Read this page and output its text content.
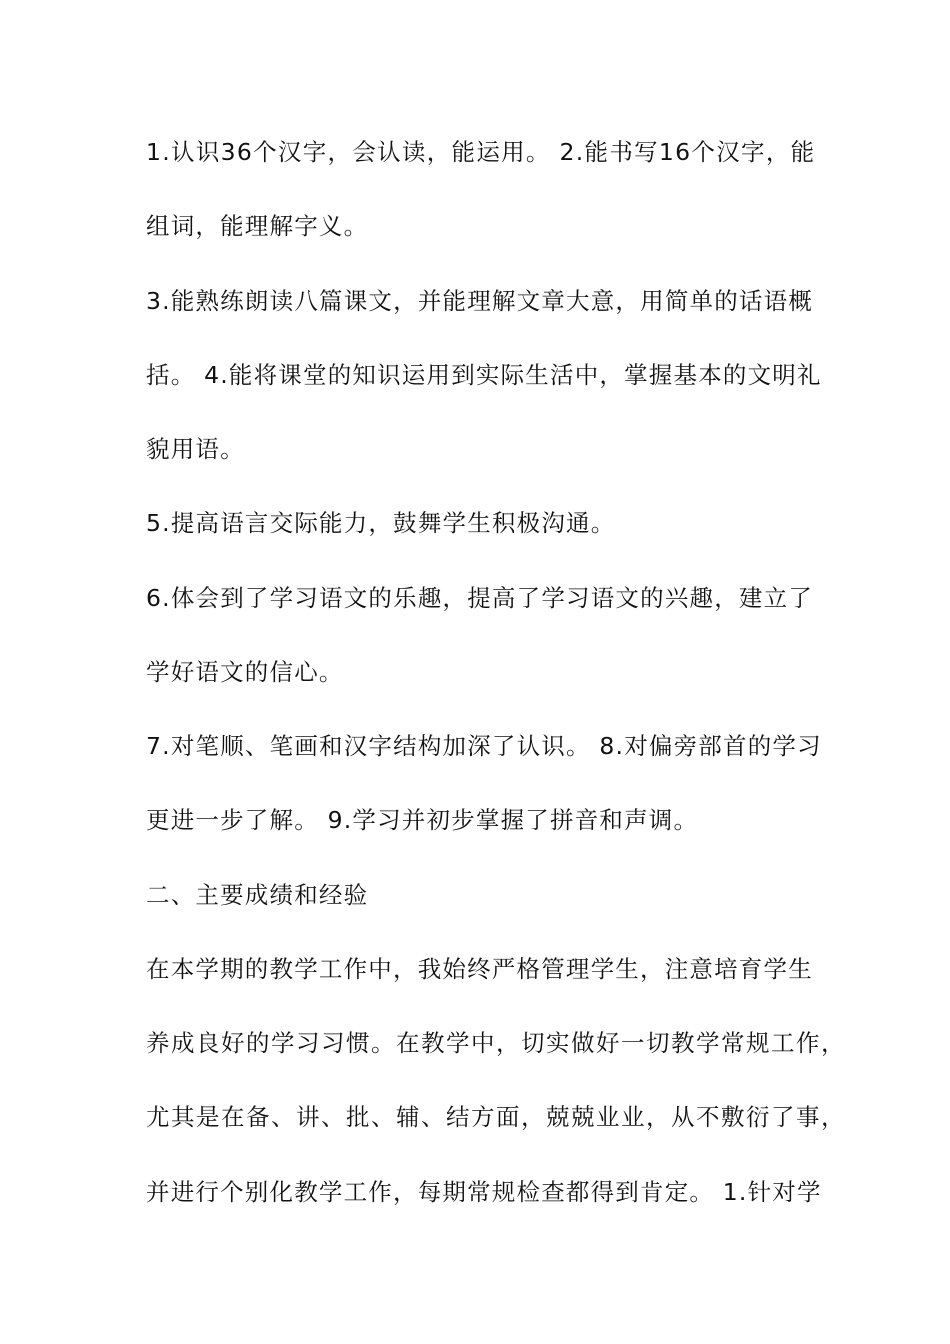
1.认识36个汉字，会认读，能运用。 2.能书写16个汉字，能
组词，能理解字义。
3.能熟练朗读八篇课文，并能理解文章大意，用简单的话语概
括。 4.能将课堂的知识运用到实际生活中，掌握基本的文明礼
貌用语。
5.提高语言交际能力，鼓舞学生积极沟通。
6.体会到了学习语文的乐趣，提高了学习语文的兴趣，建立了
学好语文的信心。
7.对笔顺、笔画和汉字结构加深了认识。 8.对偏旁部首的学习
更进一步了解。 9.学习并初步掌握了拼音和声调。
二、主要成绩和经验
在本学期的教学工作中，我始终严格管理学生，注意培育学生
养成良好的学习习惯。在教学中，切实做好一切教学常规工作，
尤其是在备、讲、批、辅、结方面，兢兢业业，从不敷衍了事，
并进行个别化教学工作，每期常规检查都得到肯定。 1.针对学
